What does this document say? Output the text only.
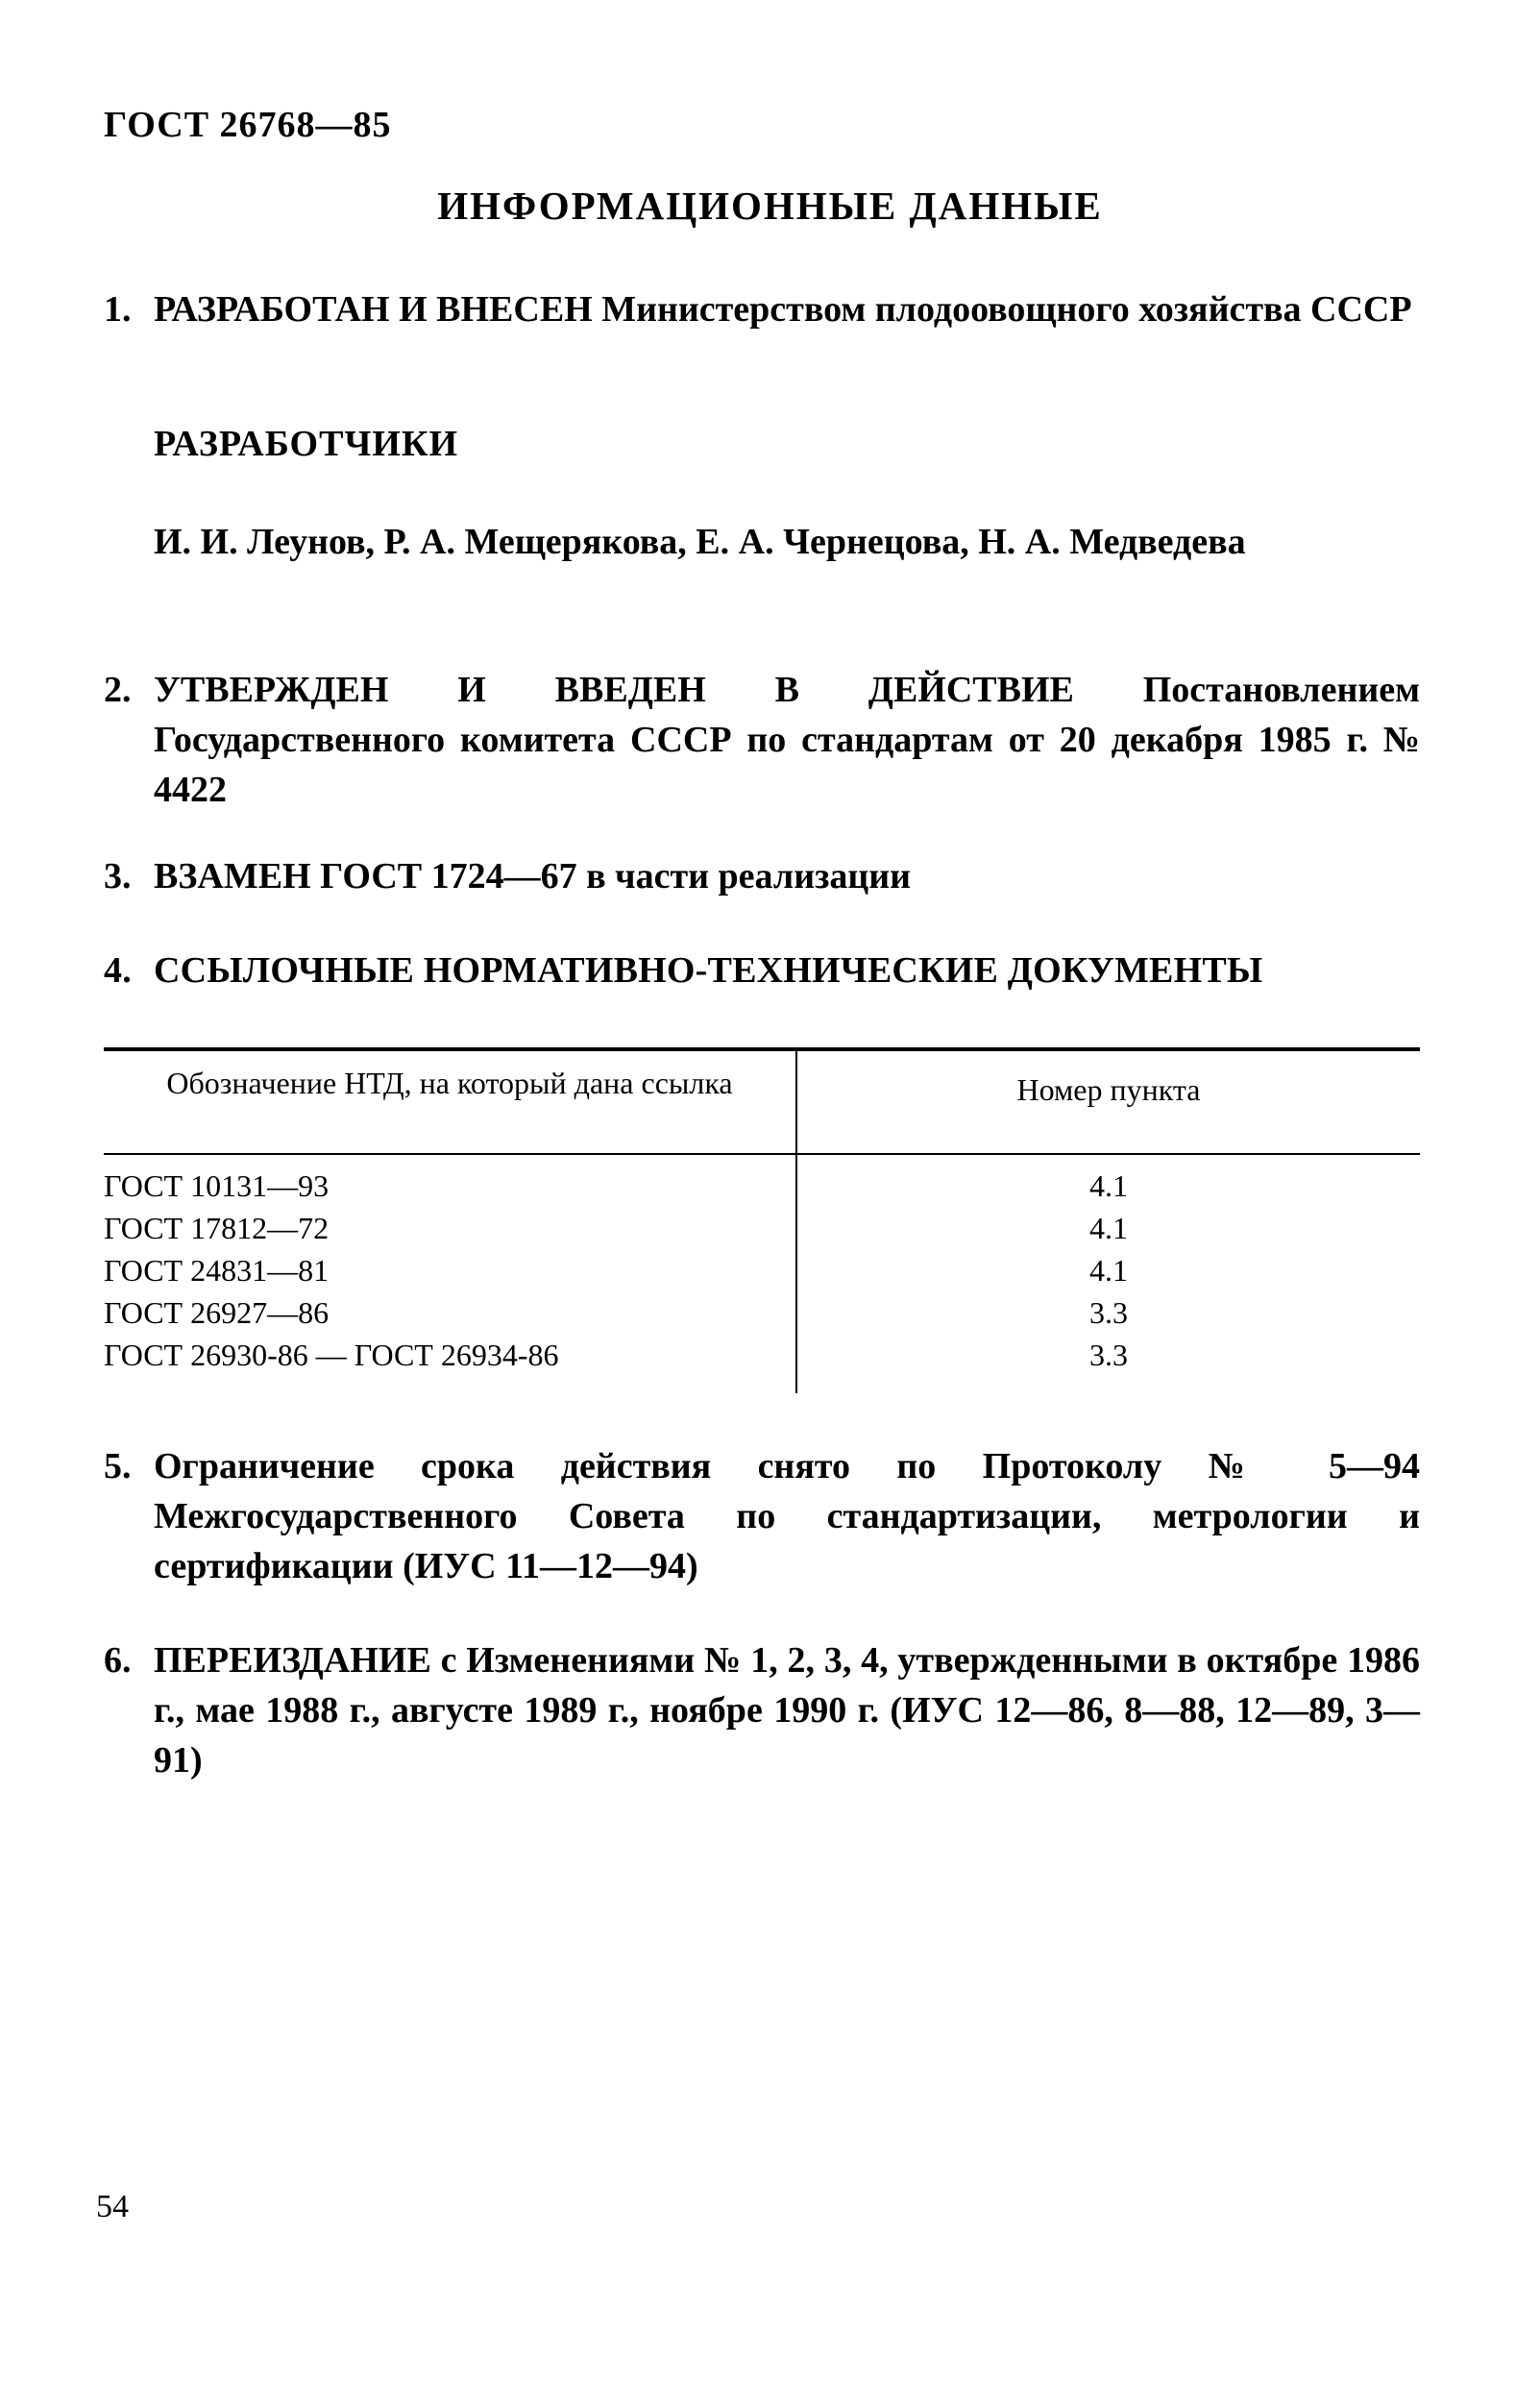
ГОСТ 26768—85
ИНФОРМАЦИОННЫЕ ДАННЫЕ
1. РАЗРАБОТАН И ВНЕСЕН Министерством плодоовощного хозяйства СССР
РАЗРАБОТЧИКИ
И. И. Леунов, Р. А. Мещерякова, Е. А. Чернецова, Н. А. Медведева
2. УТВЕРЖДЕН И ВВЕДЕН В ДЕЙСТВИЕ Постановлением Государственного комитета СССР по стандартам от 20 декабря 1985 г. № 4422
3. ВЗАМЕН ГОСТ 1724—67 в части реализации
4. ССЫЛОЧНЫЕ НОРМАТИВНО-ТЕХНИЧЕСКИЕ ДОКУМЕНТЫ
Обозначение НТД, на который дана ссылка	Номер пункта
ГОСТ 10131—93
ГОСТ 17812—72
ГОСТ 24831—81
ГОСТ 26927—86
ГОСТ 26930-86 — ГОСТ 26934-86
4.1
4.1
4.1
3.3
3.3
5. Ограничение срока действия снято по Протоколу № 5—94 Межгосударственного Совета по стандартизации, метрологии и сертификации (ИУС 11—12—94)
6. ПЕРЕИЗДАНИЕ с Изменениями № 1, 2, 3, 4, утвержденными в октябре 1986 г., мае 1988 г., августе 1989 г., ноябре 1990 г. (ИУС 12—86, 8—88, 12—89, 3—91)
54
